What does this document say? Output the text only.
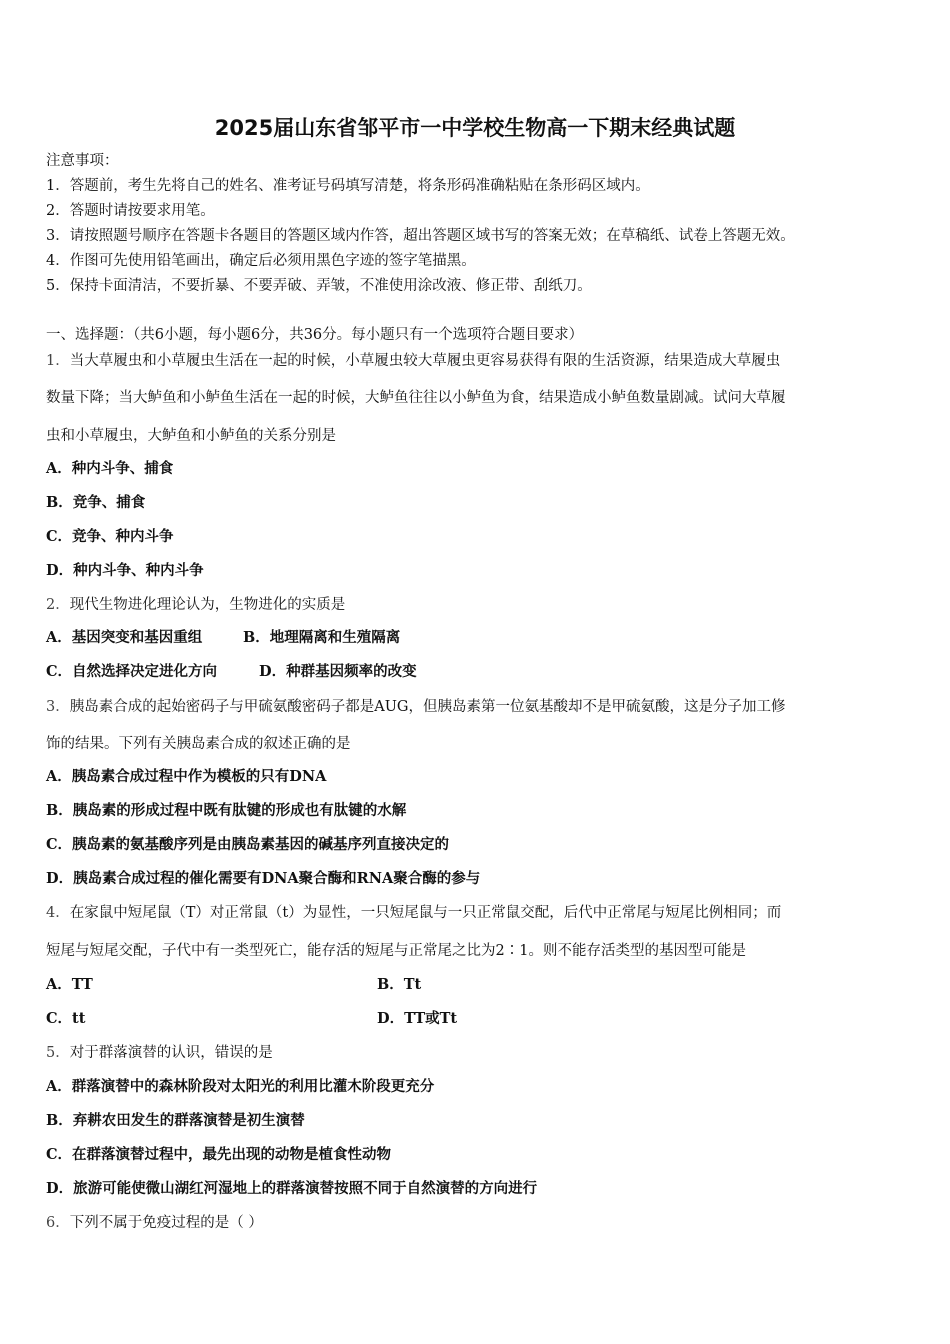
2025届山东省邹平市一中学校生物高一下期末经典试题
注意事项：
1．答题前，考生先将自己的姓名、准考证号码填写清楚，将条形码准确粘贴在条形码区域内。
2．答题时请按要求用笔。
3．请按照题号顺序在答题卡各题目的答题区域内作答，超出答题区域书写的答案无效；在草稿纸、试卷上答题无效。
4．作图可先使用铅笔画出，确定后必须用黑色字迹的签字笔描黑。
5．保持卡面清洁，不要折暴、不要弄破、弄皱，不准使用涂改液、修正带、刮纸刀。
一、选择题：（共6小题，每小题6分，共36分。每小题只有一个选项符合题目要求）
1．当大草履虫和小草履虫生活在一起的时候，小草履虫较大草履虫更容易获得有限的生活资源，结果造成大草履虫
数量下降；当大鲈鱼和小鲈鱼生活在一起的时候，大鲈鱼往往以小鲈鱼为食，结果造成小鲈鱼数量剧减。试问大草履
虫和小草履虫，大鲈鱼和小鲈鱼的关系分别是
A．种内斗争、捕食
B．竞争、捕食
C．竞争、种内斗争
D．种内斗争、种内斗争
2．现代生物进化理论认为，生物进化的实质是
A．基因突变和基因重组	B．地理隔离和生殖隔离
C．自然选择决定进化方向	D．种群基因频率的改变
3．胰岛素合成的起始密码子与甲硫氨酸密码子都是AUG，但胰岛素第一位氨基酸却不是甲硫氨酸，这是分子加工修
饰的结果。下列有关胰岛素合成的叙述正确的是
A．胰岛素合成过程中作为模板的只有DNA
B．胰岛素的形成过程中既有肽键的形成也有肽键的水解
C．胰岛素的氨基酸序列是由胰岛素基因的碱基序列直接决定的
D．胰岛素合成过程的催化需要有DNA聚合酶和RNA聚合酶的参与
4．在家鼠中短尾鼠（T）对正常鼠（t）为显性，一只短尾鼠与一只正常鼠交配，后代中正常尾与短尾比例相同；而
短尾与短尾交配，子代中有一类型死亡，能存活的短尾与正常尾之比为2∶1。则不能存活类型的基因型可能是
A．TT	B．Tt
C．tt	D．TT或Tt
5．对于群落演替的认识，错误的是
A．群落演替中的森林阶段对太阳光的利用比灌木阶段更充分
B．弃耕农田发生的群落演替是初生演替
C．在群落演替过程中，最先出现的动物是植食性动物
D．旅游可能使微山湖红河湿地上的群落演替按照不同于自然演替的方向进行
6．下列不属于免疫过程的是（ ）
